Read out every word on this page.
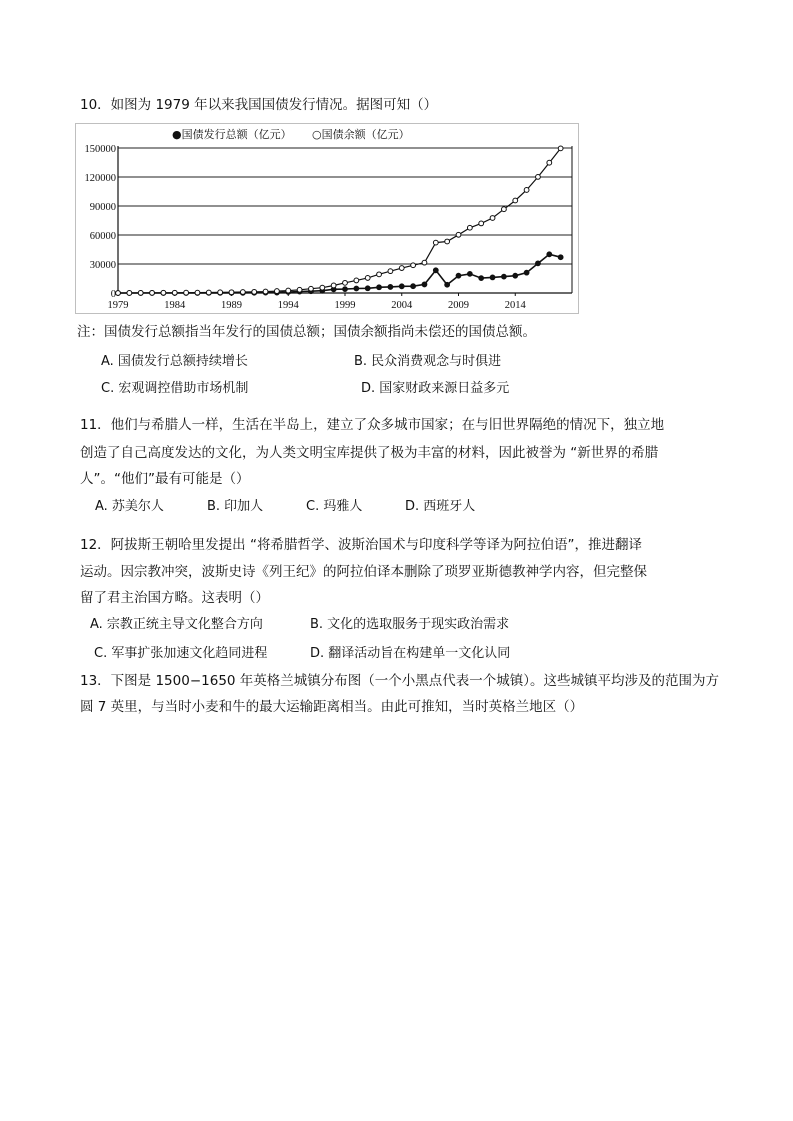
10．如图为 1979 年以来我国国债发行情况。据图可知（）
●国债发行总额（亿元） ○国债余额（亿元）
0
30000
60000
90000
120000
150000
1979	1984	1989	1994	1999	2004	2009	2014
注：国债发行总额指当年发行的国债总额；国债余额指尚未偿还的国债总额。
A. 国债发行总额持续增长	B. 民众消费观念与时俱进
C. 宏观调控借助市场机制	D. 国家财政来源日益多元
11．他们与希腊人一样，生活在半岛上，建立了众多城市国家；在与旧世界隔绝的情况下，独立地
创造了自己高度发达的文化，为人类文明宝库提供了极为丰富的材料，因此被誉为 “新世界的希腊
人”。“他们”最有可能是（）
A. 苏美尔人	B. 印加人	C. 玛雅人	D. 西班牙人
12．阿拔斯王朝哈里发提出 “将希腊哲学、波斯治国术与印度科学等译为阿拉伯语”，推进翻译
运动。因宗教冲突，波斯史诗《列王纪》的阿拉伯译本删除了琐罗亚斯德教神学内容，但完整保
留了君主治国方略。这表明（）
A. 宗教正统主导文化整合方向	B. 文化的选取服务于现实政治需求
C. 军事扩张加速文化趋同进程	D. 翻译活动旨在构建单一文化认同
13．下图是 1500−1650 年英格兰城镇分布图（一个小黑点代表一个城镇）。这些城镇平均涉及的范围为方
圆 7 英里，与当时小麦和牛的最大运输距离相当。由此可推知，当时英格兰地区（）
